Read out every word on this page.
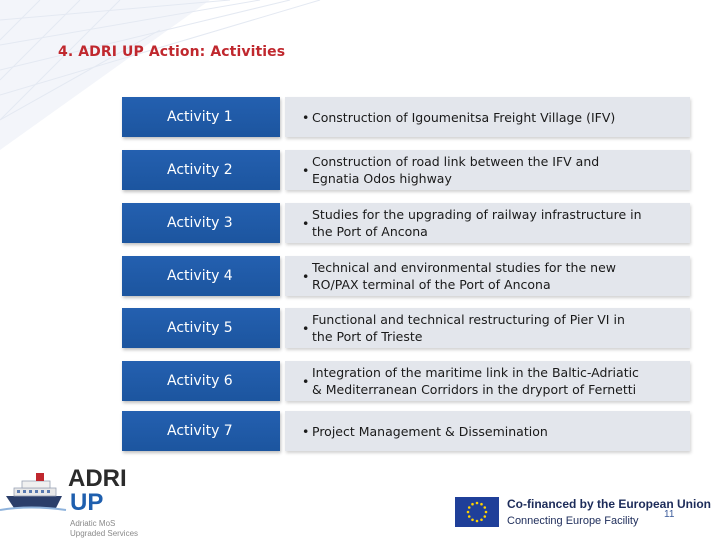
4. ADRI UP Action: Activities
Activity 1	• Construction of Igoumenitsa Freight Village (IFV)
Activity 2	•
Construction of road link between the IFV and
Egnatia Odos highway
Activity 3	•
Studies for the upgrading of railway infrastructure in
the Port of Ancona
Activity 4	•
Technical and environmental studies for the new
RO/PAX terminal of the Port of Ancona
Activity 5	•
Functional and technical restructuring of Pier VI in
the Port of Trieste
Activity 6	•
Integration of the maritime link in the Baltic-Adriatic
& Mediterranean Corridors in the dryport of Fernetti
Activity 7	• Project Management & Dissemination
ADRI
UP
Adriatic MoS
Upgraded Services
Co-financed by the European Union
Connecting Europe Facility
11
